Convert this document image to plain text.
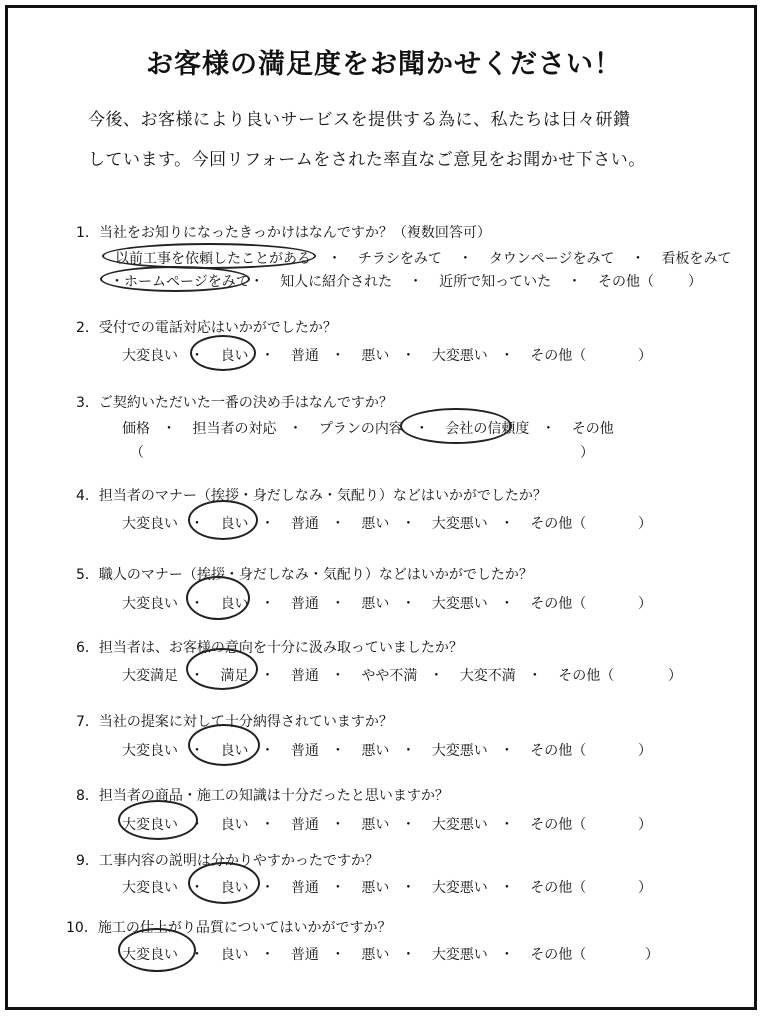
お客様の満足度をお聞かせください！
今後、お客様により良いサービスを提供する為に、私たちは日々研鑽
しています。今回リフォームをされた率直なご意見をお聞かせ下さい。
1．当社をお知りになったきっかけはなんですか？（複数回答可）
以前工事を依頼したことがある ・ チラシをみて ・ タウンページをみて ・ 看板をみて
・ホームページをみて・ 知人に紹介された ・ 近所で知っていた ・ その他（	）
2．受付での電話対応はいかがでしたか？
大変良い ・ 良い ・ 普通 ・ 悪い ・ 大変悪い ・ その他（	）
3．ご契約いただいた一番の決め手はなんですか？
価格 ・ 担当者の対応 ・ プランの内容 ・ 会社の信頼度 ・ その他
（	）
4．担当者のマナー（挨拶・身だしなみ・気配り）などはいかがでしたか？
大変良い ・ 良い ・ 普通 ・ 悪い ・ 大変悪い ・ その他（	）
5．職人のマナー（挨拶・身だしなみ・気配り）などはいかがでしたか？
大変良い ・ 良い ・ 普通 ・ 悪い ・ 大変悪い ・ その他（	）
6．担当者は、お客様の意向を十分に汲み取っていましたか？
大変満足 ・ 満足 ・ 普通 ・ やや不満 ・ 大変不満 ・ その他（	）
7．当社の提案に対して十分納得されていますか？
大変良い ・ 良い ・ 普通 ・ 悪い ・ 大変悪い ・ その他（	）
8．担当者の商品・施工の知識は十分だったと思いますか？
大変良い ・ 良い ・ 普通 ・ 悪い ・ 大変悪い ・ その他（	）
9．工事内容の説明は分かりやすかったですか？
大変良い ・ 良い ・ 普通 ・ 悪い ・ 大変悪い ・ その他（	）
10．施工の仕上がり品質についてはいかがですか？
大変良い ・ 良い ・ 普通 ・ 悪い ・ 大変悪い ・ その他（	）
